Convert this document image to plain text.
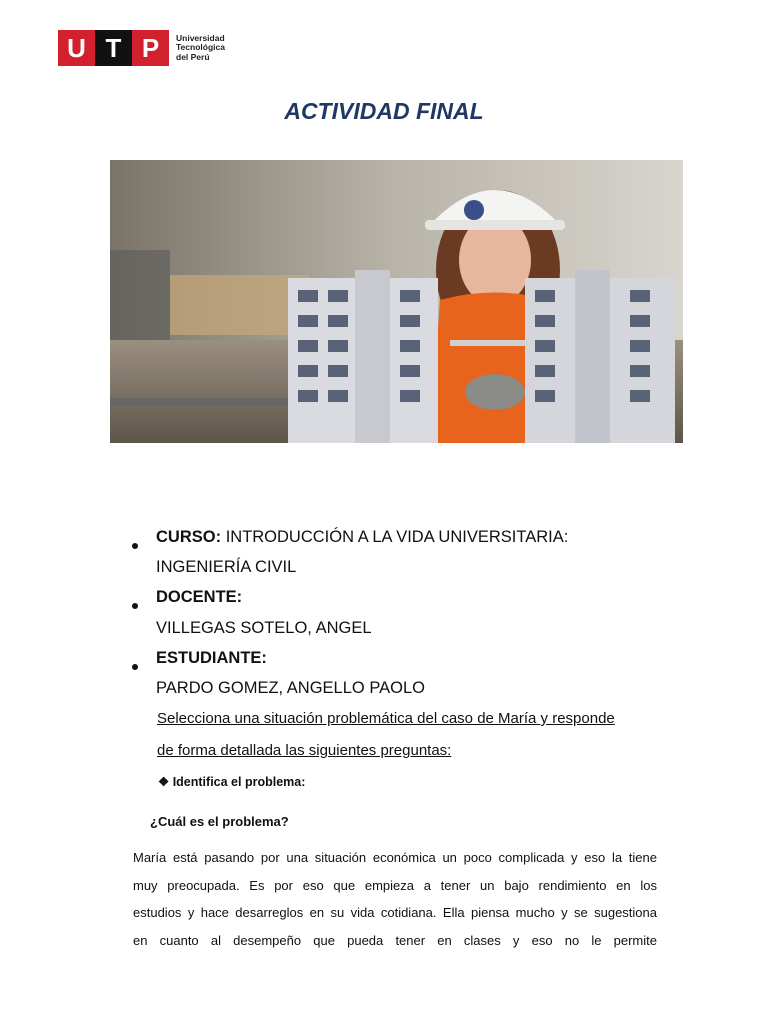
U T P	Universidad
Tecnológica
del Perú
ACTIVIDAD FINAL
CURSO: INTRODUCCIÓN A LA VIDA UNIVERSITARIA:
INGENIERÍA CIVIL
DOCENTE:
VILLEGAS SOTELO, ANGEL
ESTUDIANTE:
PARDO GOMEZ, ANGELLO PAOLO
Selecciona una situación problemática del caso de María y responde
de forma detallada las siguientes preguntas:
❖ Identifica el problema:
¿Cuál es el problema?
María está pasando por una situación económica un poco complicada y eso la tiene
muy preocupada. Es por eso que empieza a tener un bajo rendimiento en los
estudios y hace desarreglos en su vida cotidiana. Ella piensa mucho y se sugestiona
en cuanto al desempeño que pueda tener en clases y eso no le permite
